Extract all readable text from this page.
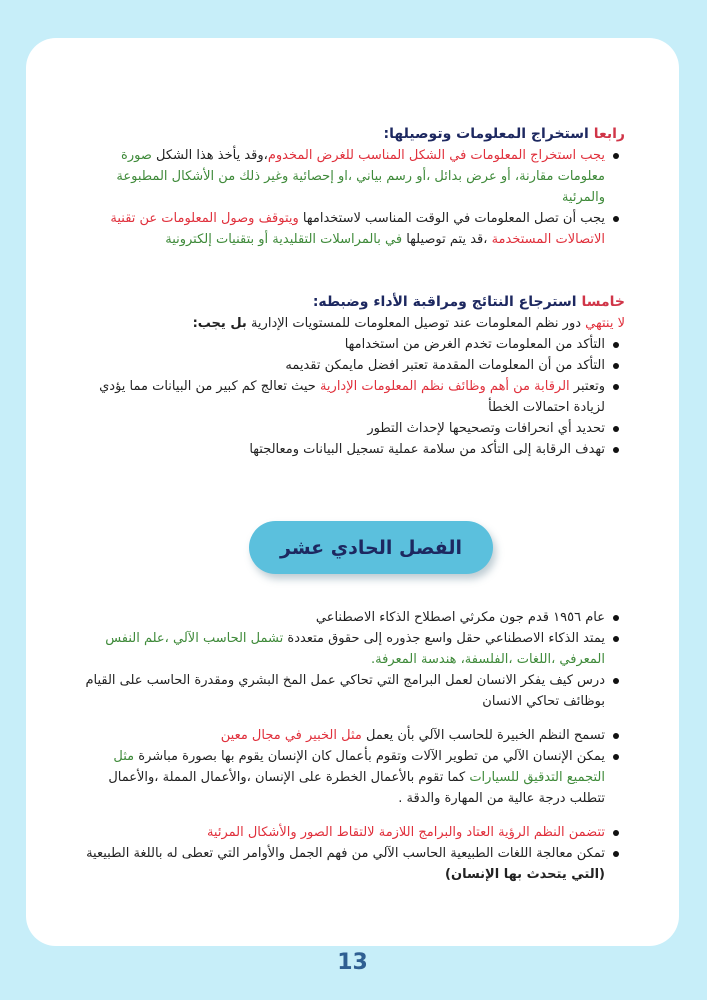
رابعا استخراج المعلومات وتوصيلها:
يجب استخراج المعلومات في الشكل المناسب للغرض المخدوم،وقد يأخذ هذا الشكل صورة معلومات مقارنة، أو عرض بدائل ،أو رسم بياني ،او إحصائية وغير ذلك من الأشكال المطبوعة والمرئية
يجب أن تصل المعلومات في الوقت المناسب لاستخدامها ويتوقف وصول المعلومات عن تقنية الاتصالات المستخدمة ،قد يتم توصيلها في بالمراسلات التقليدية أو بتقنيات إلكترونية
خامسا استرجاع النتائج ومراقبة الأداء وضبطه:
لا ينتهي دور نظم المعلومات عند توصيل المعلومات للمستويات الإدارية بل يجب:
التأكد من المعلومات تخدم الغرض من استخدامها
التأكد من أن المعلومات المقدمة تعتبر افضل مايمكن تقديمه
وتعتبر الرقابة من أهم وظائف نظم المعلومات الإدارية حيث تعالج كم كبير من البيانات مما يؤدي لزيادة احتمالات الخطأ
تحديد أي انحرافات وتصحيحها لإحداث التطور
تهدف الرقابة إلى التأكد من سلامة عملية تسجيل البيانات ومعالجتها
الفصل الحادي عشر
عام ١٩٥٦ قدم جون مكرثي اصطلاح الذكاء الاصطناعي
يمتد الذكاء الاصطناعي حقل واسع جذوره إلى حقوق متعددة تشمل الحاسب الآلي ،علم النفس المعرفي ،اللغات ،الفلسفة، هندسة المعرفة.
درس كيف يفكر الانسان لعمل البرامج التي تحاكي عمل المخ البشري ومقدرة الحاسب على القيام بوظائف تحاكي الانسان
تسمح النظم الخبيرة للحاسب الآلي بأن يعمل مثل الخبير في مجال معين
يمكن الإنسان الآلي من تطوير الآلات وتقوم بأعمال كان الإنسان يقوم بها بصورة مباشرة مثل التجميع التدقيق للسيارات كما تقوم بالأعمال الخطرة على الإنسان ،والأعمال المملة ،والأعمال تتطلب درجة عالية من المهارة والدقة .
تتضمن النظم الرؤية العتاد والبرامج اللازمة لالتقاط الصور والأشكال المرئية
تمكن معالجة اللغات الطبيعية الحاسب الآلي من فهم الجمل والأوامر التي تعطى له باللغة الطبيعية (التي يتحدث بها الإنسان)
13
